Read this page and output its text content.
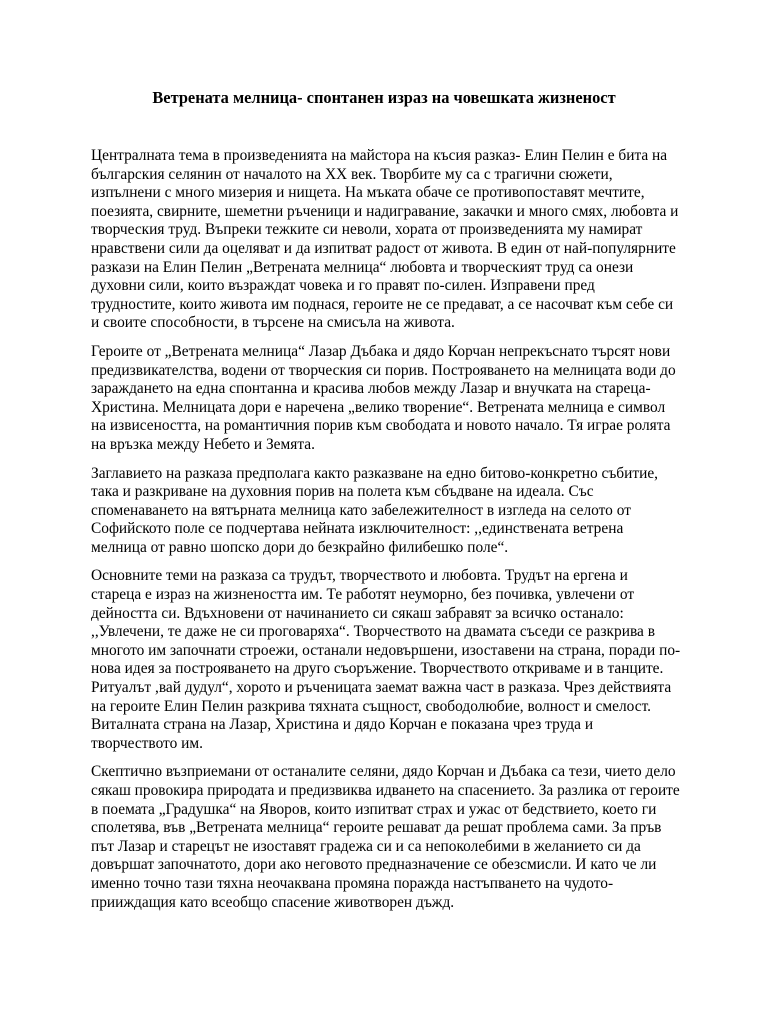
Ветрената мелница- спонтанен израз на човешката жизненост

Централната тема в произведенията на майстора на късия разказ- Елин Пелин е бита на българския селянин от началото на XX век. Творбите му са с трагични сюжети, изпълнени с много мизерия и нищета. На мъката обаче се противопоставят мечтите, поезията, свирните, шеметни ръченици и надигравание, закачки и много смях, любовта и творческия труд. Въпреки тежките си неволи, хората от произведенията му намират нравствени сили да оцеляват и да изпитват радост от живота. В един от най-популярните разкази на Елин Пелин „Ветрената мелница“ любовта и творческият труд са онези духовни сили, които възраждат човека и го правят по-силен. Изправени пред трудностите, които живота им поднася, героите не се предават, а се насочват към себе си и своите способности, в търсене на смисъла на живота.

Героите от „Ветрената мелница“ Лазар Дъбака и дядо Корчан непрекъснато търсят нови предизвикателства, водени от творческия си порив. Построяването на мелницата води до зараждането на една спонтанна и красива любов между Лазар и внучката на стареца- Христина. Мелницата дори е наречена „велико творение“. Ветрената мелница е символ на извисеността, на романтичния порив към свободата и новото начало. Тя играе ролята на връзка между Небето и Земята.

Заглавието на разказа предполага както разказване на едно битово-конкретно събитие, така и разкриване на духовния порив на полета към сбъдване на идеала. Със споменаването на вятърната мелница като забележителност в изгледа на селото от Софийското поле се подчертава нейната изключителност: ,,единствената ветрена мелница от равно шопско дори до безкрайно филибешко поле“.

Основните теми на разказа са трудът, творчеството и любовта. Трудът на ергена и стареца е израз на жизнеността им. Те работят неуморно, без почивка, увлечени от дейността си. Вдъхновени от начинанието си сякаш забравят за всичко останало: ,,Увлечени, те даже не си проговаряха“. Творчеството на двамата съседи се разкрива в многото им започнати строежи, останали недовършени, изоставени на страна, поради по-нова идея за построяването на друго съоръжение. Творчеството откриваме и в танците. Ритуалът ,вай дудул“, хорото и ръченицата заемат важна част в разказа. Чрез действията на героите Елин Пелин разкрива тяхната същност, свободолюбие, волност и смелост. Виталната страна на Лазар, Христина и дядо Корчан е показана чрез труда и творчеството им.

Скептично възприемани от останалите селяни, дядо Корчан и Дъбака са тези, чието дело сякаш провокира природата и предизвиква идването на спасението. За разлика от героите в поемата „Градушка“ на Яворов, които изпитват страх и ужас от бедствието, което ги сполетява, във „Ветрената мелница“ героите решават да решат проблема сами. За пръв път Лазар и старецът не изоставят градежа си и са непоколебими в желанието си да довършат започнатото, дори ако неговото предназначение се обезсмисли. И като че ли именно точно тази тяхна неочаквана промяна поражда настъпването на чудото-прииждащия като всеобщо спасение животворен дъжд.
